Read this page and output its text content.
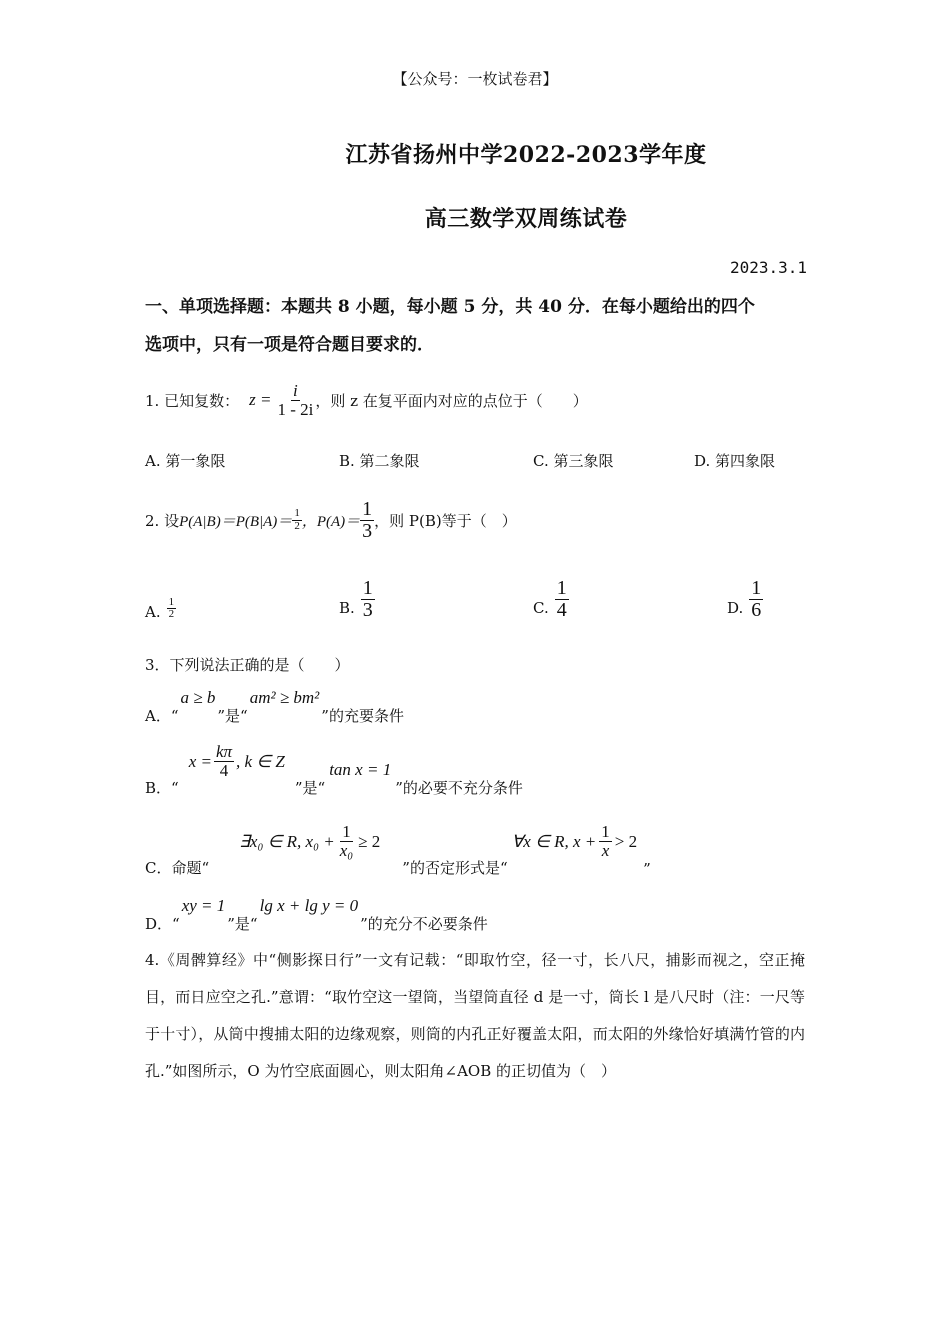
【公众号：一枚试卷君】
江苏省扬州中学2022-2023学年度
高三数学双周练试卷
2023.3.1
一、单项选择题：本题共 8 小题，每小题 5 分，共 40 分．在每小题给出的四个
选项中，只有一项是符合题目要求的．
1. 已知复数： $z = \frac{i}{1 - 2i}$ ，则 z 在复平面内对应的点位于（　　）
A. 第一象限	B. 第二象限	C. 第三象限	D. 第四象限
2. 设 $P(A|B)=P(B|A)= \frac{1}{2}$ ，$P(A)= \frac{1}{3}$ ，则 P(B)等于（　）
A. $\frac{1}{2}$	B. $\frac{1}{3}$	C. $\frac{1}{4}$	D. $\frac{1}{6}$
3．下列说法正确的是（　　）
A．“
a ≥ b
”是“
am² ≥ bm²
”的充要条件
B．“
$x = \frac{k\pi}{4}$ , k ∈ Z
”是“
tan x = 1
”的必要不充分条件
C．命题“
∃x₀ ∈ R, $x_0 + \frac{1}{\text{x₀}} \ge 2$
”的否定形式是“
∀x ∈ R, $x + \frac{1}{x} > 2$
”
D．“
xy = 1
”是“
lg x + lg y = 0
”的充分不必要条件
4.《周髀算经》中“侧影探日行”一文有记载：“即取竹空，径一寸，长八尺，捕影而视之，空正掩目，而日应空之孔.”意谓：“取竹空这一望筒，当望筒直径 d 是一寸，筒长 l 是八尺时（注：一尺等于十寸），从筒中搜捕太阳的边缘观察，则筒的内孔正好覆盖太阳，而太阳的外缘恰好填满竹管的内孔.”如图所示，O 为竹空底面圆心，则太阳角∠AOB 的正切值为（　）
